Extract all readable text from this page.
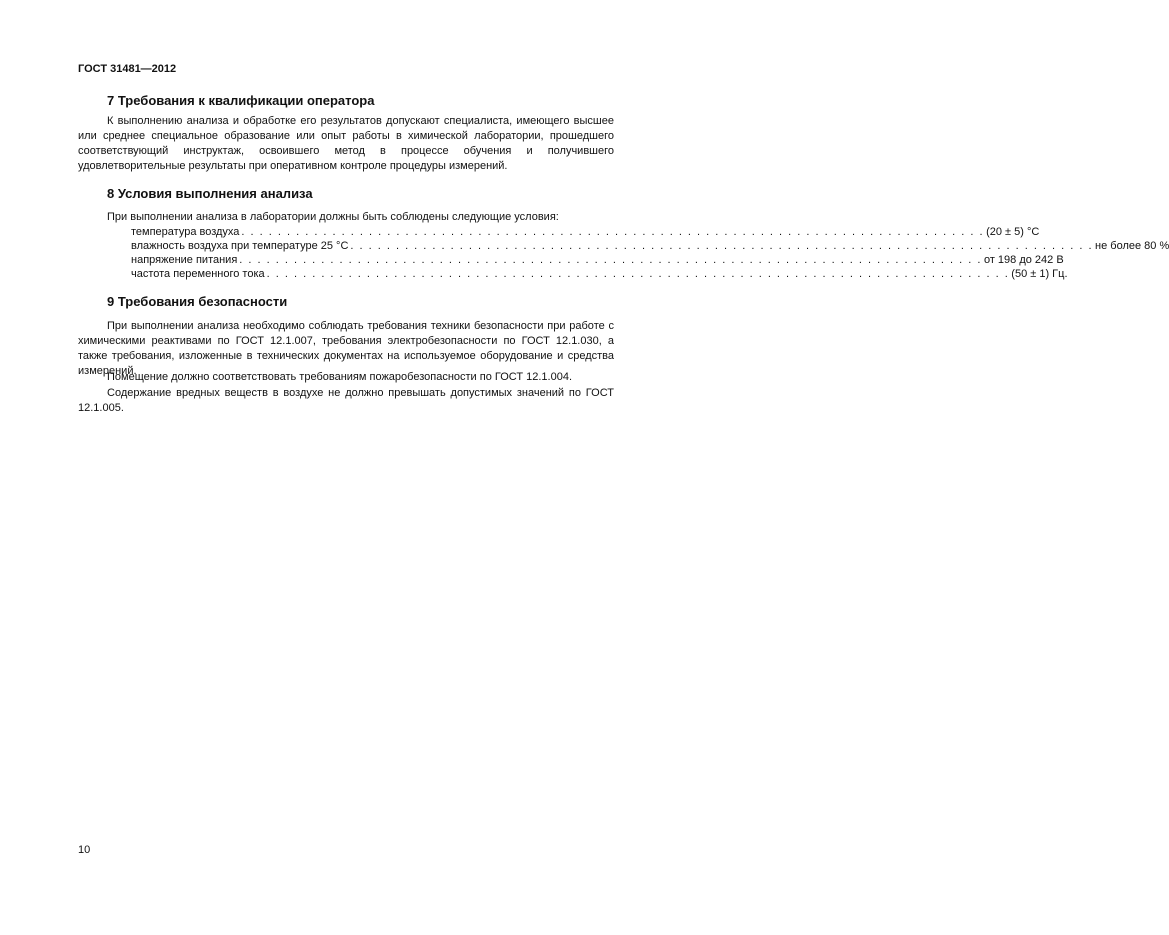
ГОСТ 31481—2012
7 Требования к квалификации оператора

К выполнению анализа и обработке его результатов допускают специалиста, имеющего высшее или среднее специальное образование или опыт работы в химической лаборатории, прошедшего соответствующий инструктаж, освоившего метод в процессе обучения и получившего удовлетворительные результаты при оперативном контроле процедуры измерений.

8 Условия выполнения анализа

При выполнении анализа в лаборатории должны быть соблюдены следующие условия:

температура воздуха . . . . . . . . . . . . . . . . . . . . . . . . . . . . . . . . . . . . . . . . . . . . . . . . . . . . . . . . . . . . . . . . . . . . . . . . . . . . . . . . . . (20 ± 5) °С
влажность воздуха при температуре 25 °С . . . . . . . . . . . . . . . . . . . . . . . . . . . . . . . . . . . . . . . . . . . . . . . . . . . . . . . . . . . . . . . . . . . . . . . . . . . . . . . . . . не более 80 %
напряжение питания . . . . . . . . . . . . . . . . . . . . . . . . . . . . . . . . . . . . . . . . . . . . . . . . . . . . . . . . . . . . . . . . . . . . . . . . . . . . . . . . . . от 198 до 242 В
частота переменного тока . . . . . . . . . . . . . . . . . . . . . . . . . . . . . . . . . . . . . . . . . . . . . . . . . . . . . . . . . . . . . . . . . . . . . . . . . . . . . . . . . . (50 ± 1) Гц.
9 Требования безопасности

При выполнении анализа необходимо соблюдать требования техники безопасности при работе с химическими реактивами по ГОСТ 12.1.007, требования электробезопасности по ГОСТ 12.1.030, а также требования, изложенные в технических документах на используемое оборудование и средства измерений.

Помещение должно соответствовать требованиям пожаробезопасности по ГОСТ 12.1.004.

Содержание вредных веществ в воздухе не должно превышать допустимых значений по ГОСТ 12.1.005.

10
